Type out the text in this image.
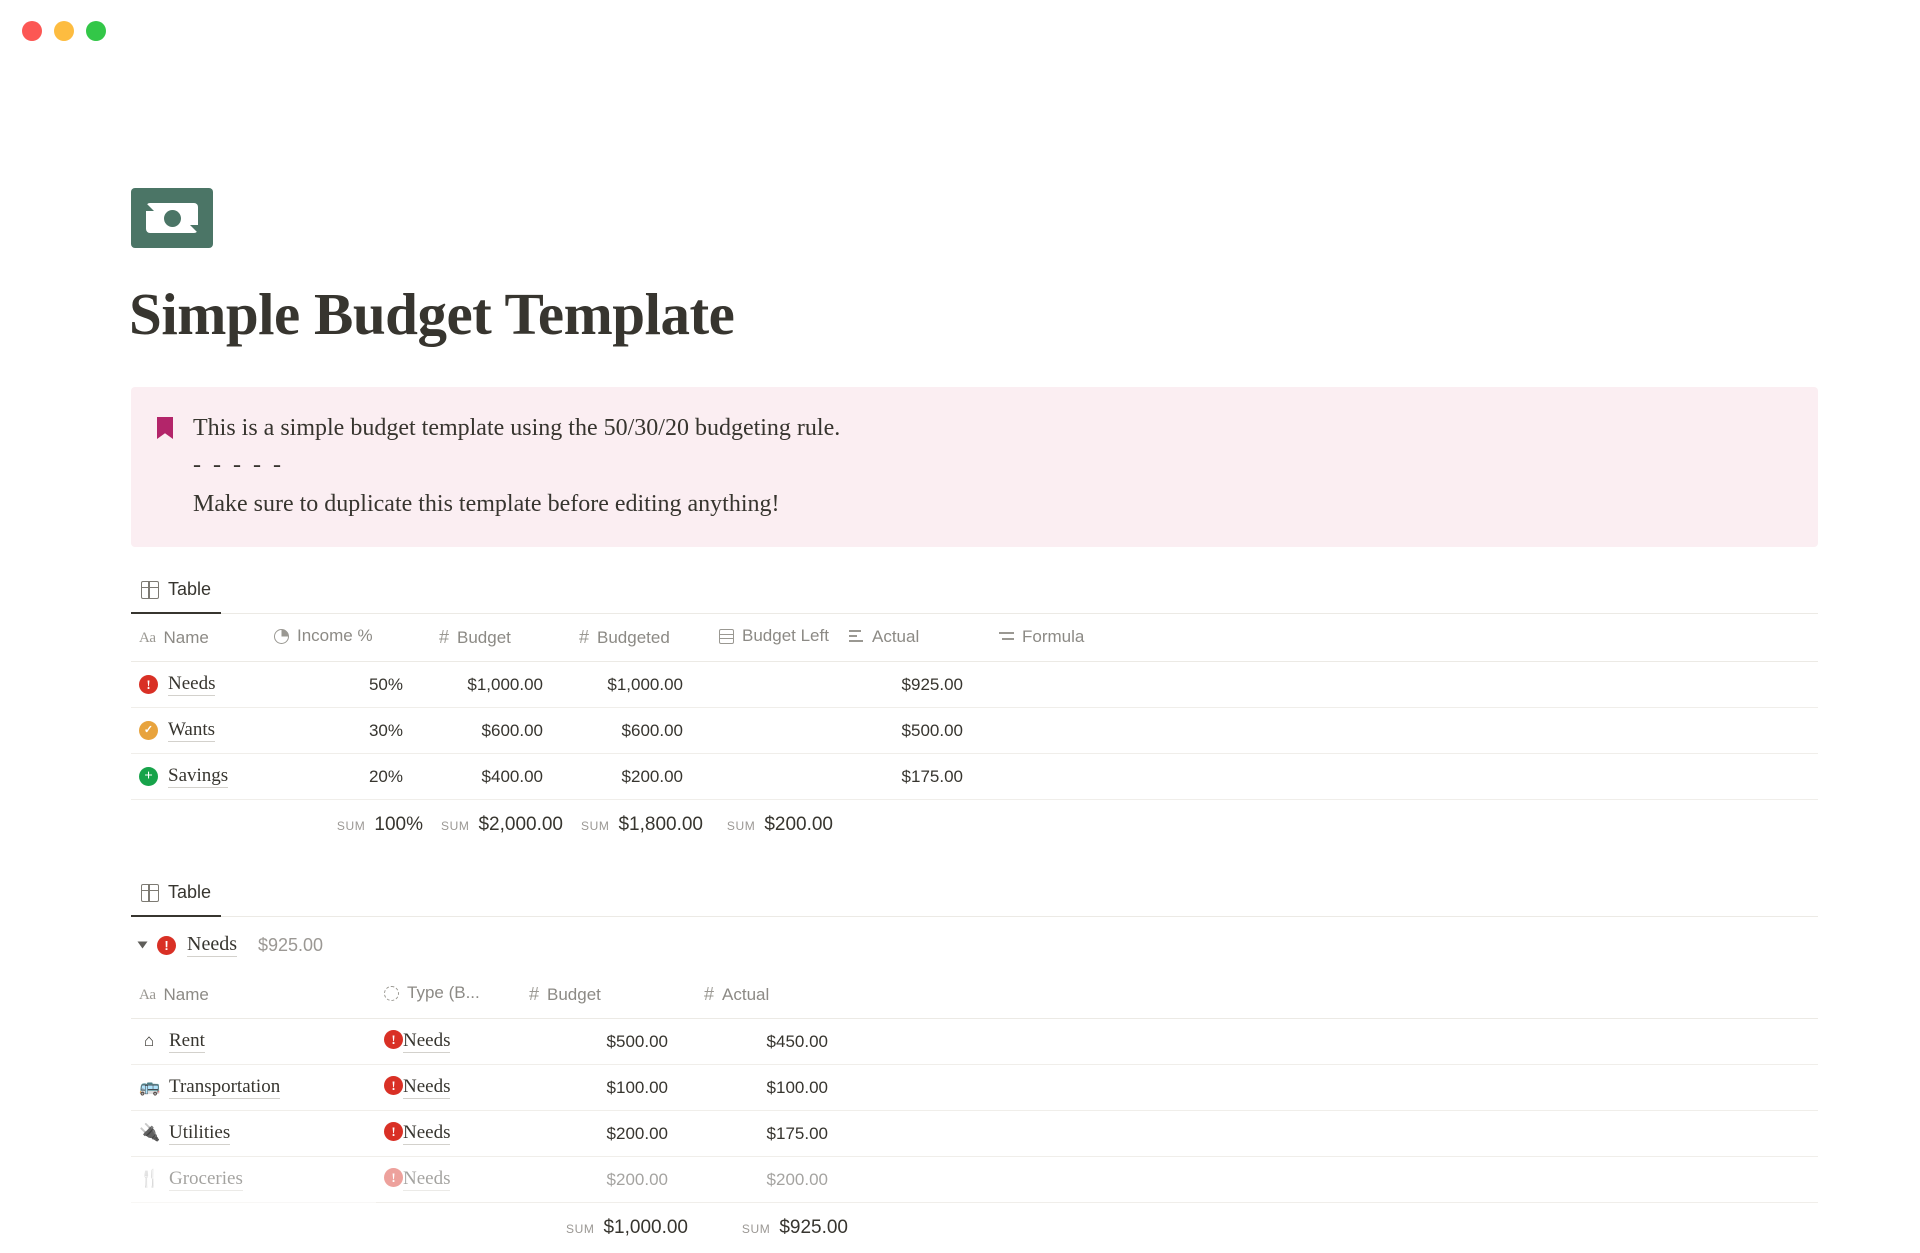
Simple Budget Template

This is a simple budget template using the 50/30/20 budgeting rule.

- - - - -

Make sure to duplicate this template before editing anything!

Table
Aa Name	Income %	# Budget	# Budgeted	Budget Left	Actual	Formula	

!
Needs	50%	$1,000.00	$1,000.00		$925.00		

✓
Wants	30%	$600.00	$600.00		$500.00		

+
Savings	20%	$400.00	$200.00		$175.00		
	SUM 100%	SUM $2,000.00	SUM $1,800.00	SUM $200.00			
Table
!
Needs $925.00
Aa Name	Type (B...	# Budget	# Actual	

⌂ Rent !	Needs	$500.00	$450.00	

🚌 Transportation !	Needs	$100.00	$100.00	

🔌 Utilities !	Needs	$200.00	$175.00	

🍴 Groceries !	Needs	$200.00	$200.00	
		SUM $1,000.00	SUM $925.00	
